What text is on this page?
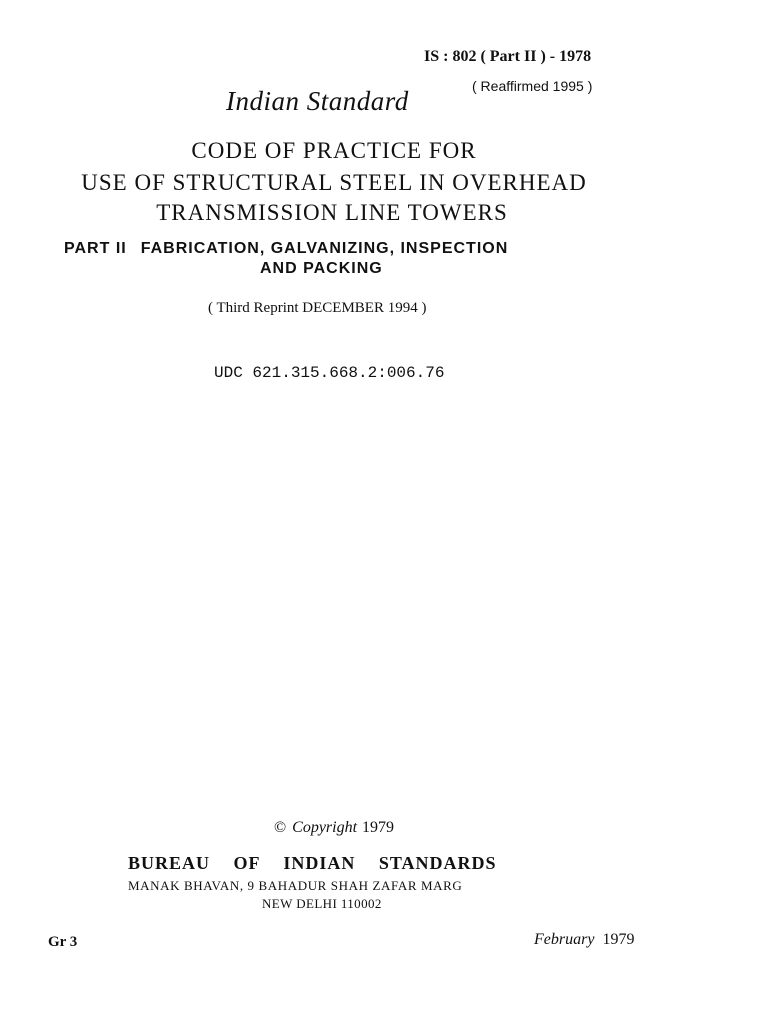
IS : 802 ( Part II ) - 1978
( Reaffirmed 1995 )
Indian Standard
CODE OF PRACTICE FOR
USE OF STRUCTURAL STEEL IN OVERHEAD
TRANSMISSION LINE TOWERS
PART II FABRICATION, GALVANIZING, INSPECTION
AND PACKING
( Third Reprint DECEMBER 1994 )
UDC 621.315.668.2:006.76
© Copyright 1979
BUREAU OF INDIAN STANDARDS
MANAK BHAVAN, 9 BAHADUR SHAH ZAFAR MARG
NEW DELHI 110002
Gr 3	February 1979
